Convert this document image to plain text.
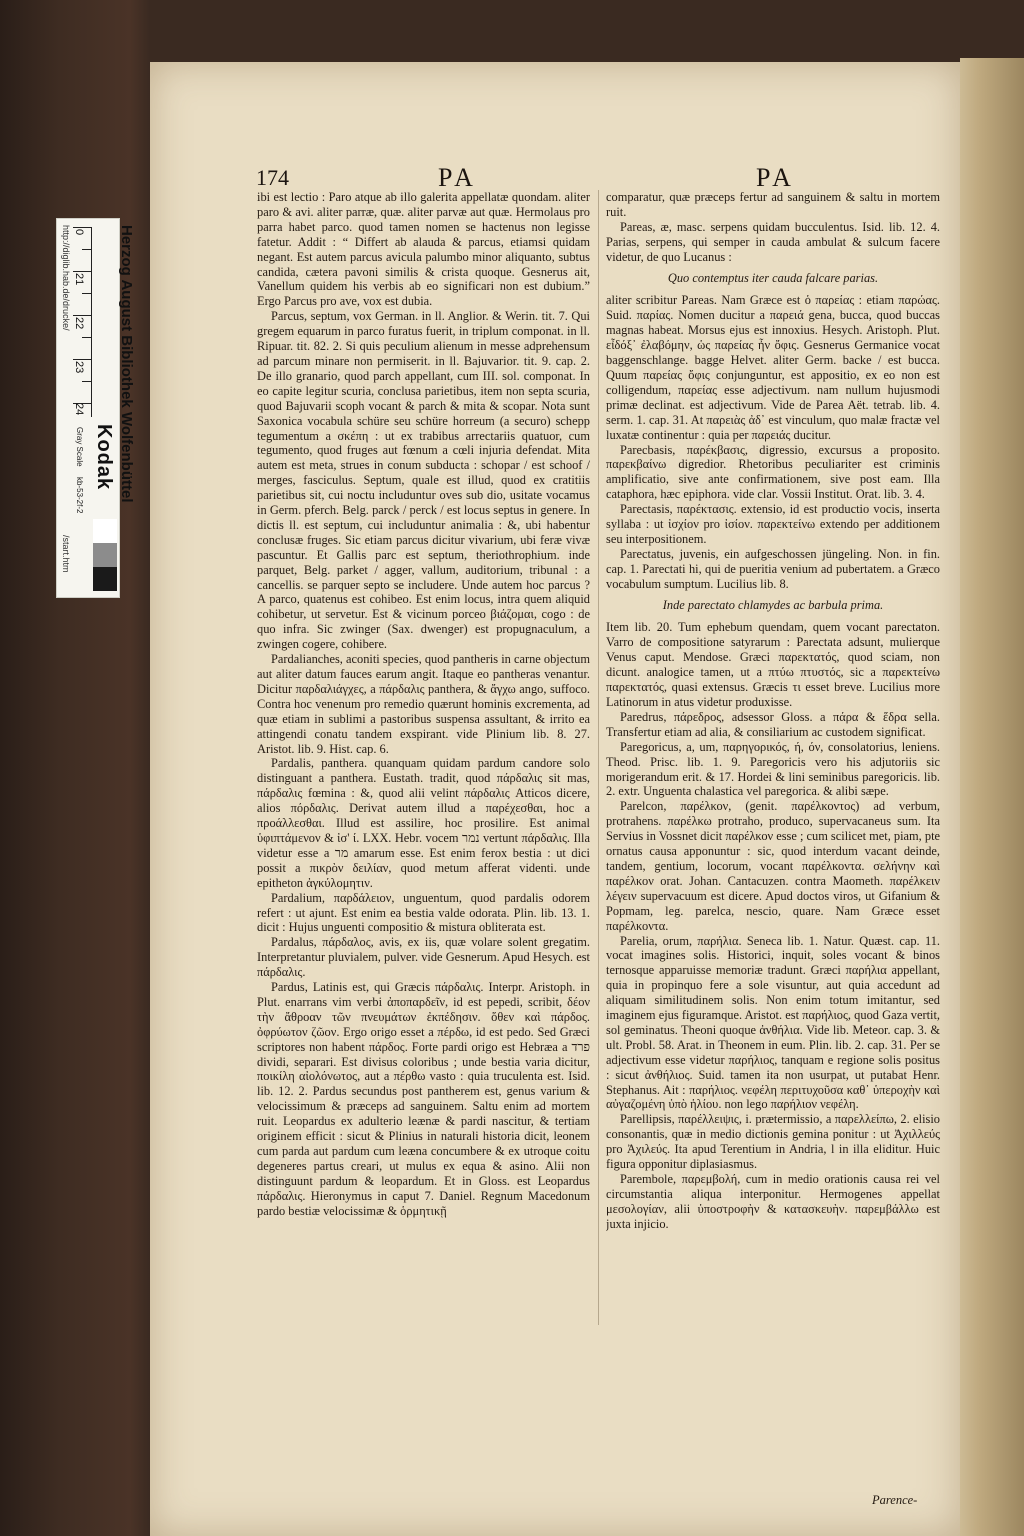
174	PA	PA

ibi est lectio : Paro atque ab illo galerita appellatæ quondam. aliter paro & avi. aliter parræ, quæ. aliter parvæ aut quæ. Hermolaus pro parra habet parco. quod tamen nomen se hactenus non legisse fatetur. Addit : “ Differt ab alauda & parcus, etiamsi quidam negant. Est autem parcus avicula palumbo minor aliquanto, subtus candida, cætera pavoni similis & crista quoque. Gesnerus ait, Vanellum quidem his verbis ab eo significari non est dubium.” Ergo Parcus pro ave, vox est dubia.

Parcus, septum, vox German. in ll. Anglior. & Werin. tit. 7. Qui gregem equarum in parco furatus fuerit, in triplum componat. in ll. Ripuar. tit. 82. 2. Si quis peculium alienum in messe adprehensum ad parcum minare non permiserit. in ll. Bajuvarior. tit. 9. cap. 2. De illo granario, quod parch appellant, cum III. sol. componat. In eo capite legitur scuria, conclusa parietibus, item non septa scuria, quod Bajuvarii scoph vocant & parch & mita & scopar. Nota sunt Saxonica vocabula schüre seu schüre horreum (a securo) schepp tegumentum a σκέπη : ut ex trabibus arrectariis quatuor, cum tegumento, quod fruges aut fœnum a cœli injuria defendat. Mita autem est meta, strues in conum subducta : schopar / est schoof / merges, fasciculus. Septum, quale est illud, quod ex cratitiis parietibus sit, cui noctu includuntur oves sub dio, usitate vocamus in Germ. pferch. Belg. parck / perck / est locus septus in genere. In dictis ll. est septum, cui includuntur animalia : &, ubi habentur conclusæ fruges. Sic etiam parcus dicitur vivarium, ubi feræ vivæ pascuntur. Et Gallis parc est septum, theriothrophium. inde parquet, Belg. parket / agger, vallum, auditorium, tribunal : a cancellis. se parquer septo se includere. Unde autem hoc parcus ? A parco, quatenus est cohibeo. Est enim locus, intra quem aliquid cohibetur, ut servetur. Est & vicinum porceo βιάζομαι, cogo : de quo infra. Sic zwinger (Sax. dwenger) est propugnaculum, a zwingen cogere, cohibere.

Pardalianches, aconiti species, quod pantheris in carne objectum aut aliter datum fauces earum angit. Itaque eo pantheras venantur. Dicitur παρδαλιάγχες, a πάρδαλις panthera, & ἄγχω ango, suffoco. Contra hoc venenum pro remedio quærunt hominis excrementa, ad quæ etiam in sublimi a pastoribus suspensa assultant, & irrito ea attingendi conatu tandem exspirant. vide Plinium lib. 8. 27. Aristot. lib. 9. Hist. cap. 6.

Pardalis, panthera. quanquam quidam pardum candore solo distinguant a panthera. Eustath. tradit, quod πάρδαλις sit mas, πάρδαλις fœmina : &, quod alii velint πάρδαλις Atticos dicere, alios πόρδαλις. Derivat autem illud a παρέχεσθαι, hoc a προάλλεσθαι. Illud est assilire, hoc prosilire. Est animal ὑφιπτάμενον & ἰσ' ί. LXX. Hebr. vocem נמר vertunt πάρδαλις. Illa videtur esse a מר amarum esse. Est enim ferox bestia : ut dici possit a πικρὸν δειλίαν, quod metum afferat videnti. unde epitheton ἀγκύλομητιν.

Pardalium, παρδάλειον, unguentum, quod pardalis odorem refert : ut ajunt. Est enim ea bestia valde odorata. Plin. lib. 13. 1. dicit : Hujus unguenti compositio & mistura obliterata est.

Pardalus, πάρδαλος, avis, ex iis, quæ volare solent gregatim. Interpretantur pluvialem, pulver. vide Gesnerum. Apud Hesych. est πάρδαλις.

Pardus, Latinis est, qui Græcis πάρδαλις. Interpr. Aristoph. in Plut. enarrans vim verbi ἀποπαρδεῖν, id est pepedi, scribit, δέον τὴν ἄθροαν τῶν πνευμάτων ἐκπέδησιν. ὅθεν καὶ πάρδος. ὀφρύωτον ζῶον. Ergo origo esset a πέρδω, id est pedo. Sed Græci scriptores non habent πάρδος. Forte pardi origo est Hebræa a פרד dividi, separari. Est divisus coloribus ; unde bestia varia dicitur, ποικίλη αἰολόνωτος, aut a πέρθω vasto : quia truculenta est. Isid. lib. 12. 2. Pardus secundus post pantherem est, genus varium & velocissimum & præceps ad sanguinem. Saltu enim ad mortem ruit. Leopardus ex adulterio leænæ & pardi nascitur, & tertiam originem efficit : sicut & Plinius in naturali historia dicit, leonem cum parda aut pardum cum leæna concumbere & ex utroque coitu degeneres partus creari, ut mulus ex equa & asino. Alii non distinguunt pardum & leopardum. Et in Gloss. est Leopardus πάρδαλις. Hieronymus in caput 7. Daniel. Regnum Macedonum pardo bestiæ velocissimæ & ὁρμητικῇ

comparatur, quæ præceps fertur ad sanguinem & saltu in mortem ruit.

Pareas, æ, masc. serpens quidam bucculentus. Isid. lib. 12. 4. Parias, serpens, qui semper in cauda ambulat & sulcum facere videtur, de quo Lucanus :

Quo contemptus iter cauda falcare parias.

aliter scribitur Pareas. Nam Græce est ὁ παρείας : etiam παρώας. Suid. παρίας. Nomen ducitur a παρειά gena, bucca, quod buccas magnas habeat. Morsus ejus est innoxius. Hesych. Aristoph. Plut. εἶδόξ᾽ ἐλαβόμην, ὡς παρείας ἦν ὄφις. Gesnerus Germanice vocat baggenschlange. bagge Helvet. aliter Germ. backe / est bucca. Quum παρείας ὄφις conjunguntur, est appositio, ex eo non est colligendum, παρείας esse adjectivum. nam nullum hujusmodi primæ declinat. est adjectivum. Vide de Parea Aët. tetrab. lib. 4. serm. 1. cap. 31. At παρειὰς ἀδ᾽ est vinculum, quo malæ fractæ vel luxatæ continentur : quia per παρειάς ducitur.

Parecbasis, παρέκβασις, digressio, excursus a proposito. παρεκβαίνω digredior. Rhetoribus peculiariter est criminis amplificatio, sive ante confirmationem, sive post eam. Illa cataphora, hæc epiphora. vide clar. Vossii Institut. Orat. lib. 3. 4.

Parectasis, παρέκτασις. extensio, id est productio vocis, inserta syllaba : ut ἰσχίον pro ἰσίον. παρεκτείνω extendo per additionem seu interpositionem.

Parectatus, juvenis, ein aufgeschossen jüngeling. Non. in fin. cap. 1. Parectati hi, qui de pueritia venium ad pubertatem. a Græco vocabulum sumptum. Lucilius lib. 8.

Inde parectato chlamydes ac barbula prima.

Item lib. 20. Tum ephebum quendam, quem vocant parectaton. Varro de compositione satyrarum : Parectata adsunt, mulierque Venus caput. Mendose. Græci παρεκτατός, quod sciam, non dicunt. analogice tamen, ut a πτύω πτυστός, sic a παρεκτείνω παρεκτατός, quasi extensus. Græcis τι esset breve. Lucilius more Latinorum in atus videtur produxisse.

Paredrus, πάρεδρος, adsessor Gloss. a πάρα & ἕδρα sella. Transfertur etiam ad alia, & consiliarium ac custodem significat.

Paregoricus, a, um, παρηγορικός, ή, όν, consolatorius, leniens. Theod. Prisc. lib. 1. 9. Paregoricis vero his adjutoriis sic morigerandum erit. & 17. Hordei & lini seminibus paregoricis. lib. 2. extr. Unguenta chalastica vel paregorica. & alibi sæpe.

Parelcon, παρέλκον, (genit. παρέλκοντος) ad verbum, protrahens. παρέλκω protraho, produco, supervacaneus sum. Ita Servius in Vossnet dicit παρέλκον esse ; cum scilicet met, piam, pte ornatus causa apponuntur : sic, quod interdum vacant deinde, tandem, gentium, locorum, vocant παρέλκοντα. σελήνην καὶ παρέλκον orat. Johan. Cantacuzen. contra Maometh. παρέλκειν λέγειν supervacuum est dicere. Apud doctos viros, ut Gifanium & Popmam, leg. parelca, nescio, quare. Nam Græce esset παρέλκοντα.

Parelia, orum, παρήλια. Seneca lib. 1. Natur. Quæst. cap. 11. vocat imagines solis. Historici, inquit, soles vocant & binos ternosque apparuisse memoriæ tradunt. Græci παρήλια appellant, quia in propinquo fere a sole visuntur, aut quia accedunt ad aliquam similitudinem solis. Non enim totum imitantur, sed imaginem ejus figuramque. Aristot. est παρήλιος, quod Gaza vertit, sol geminatus. Theoni quoque ἀνθήλια. Vide lib. Meteor. cap. 3. & ult. Probl. 58. Arat. in Theonem in eum. Plin. lib. 2. cap. 31. Per se adjectivum esse videtur παρήλιος, tanquam e regione solis positus : sicut ἀνθήλιος. Suid. tamen ita non usurpat, ut putabat Henr. Stephanus. Ait : παρήλιος. νεφέλη περιτυχοῦσα καθ᾽ ὑπεροχὴν καὶ αὐγαζομένη ὑπὸ ἡλίου. non lego παρήλιον νεφέλη.

Parellipsis, παρέλλειψις, i. prætermissio, a παρελλείπω, 2. elisio consonantis, quæ in medio dictionis gemina ponitur : ut Ἀχιλλεύς pro Ἀχιλεύς. Ita apud Terentium in Andria, l in illa eliditur. Huic figura opponitur diplasiasmus.

Parembole, παρεμβολή, cum in medio orationis causa rei vel circumstantia aliqua interponitur. Hermogenes appellat μεσολογίαν, alii ὑποστροφὴν & κατασκευὴν. παρεμβάλλω est juxta injicio.

Parence-
Herzog August Bibliothek Wolfenbüttel
http://diglib.hab.de/drucke/
/start.htm
0
21
22
23
24
Kodak
Gray Scale
kb-53-2f-2
